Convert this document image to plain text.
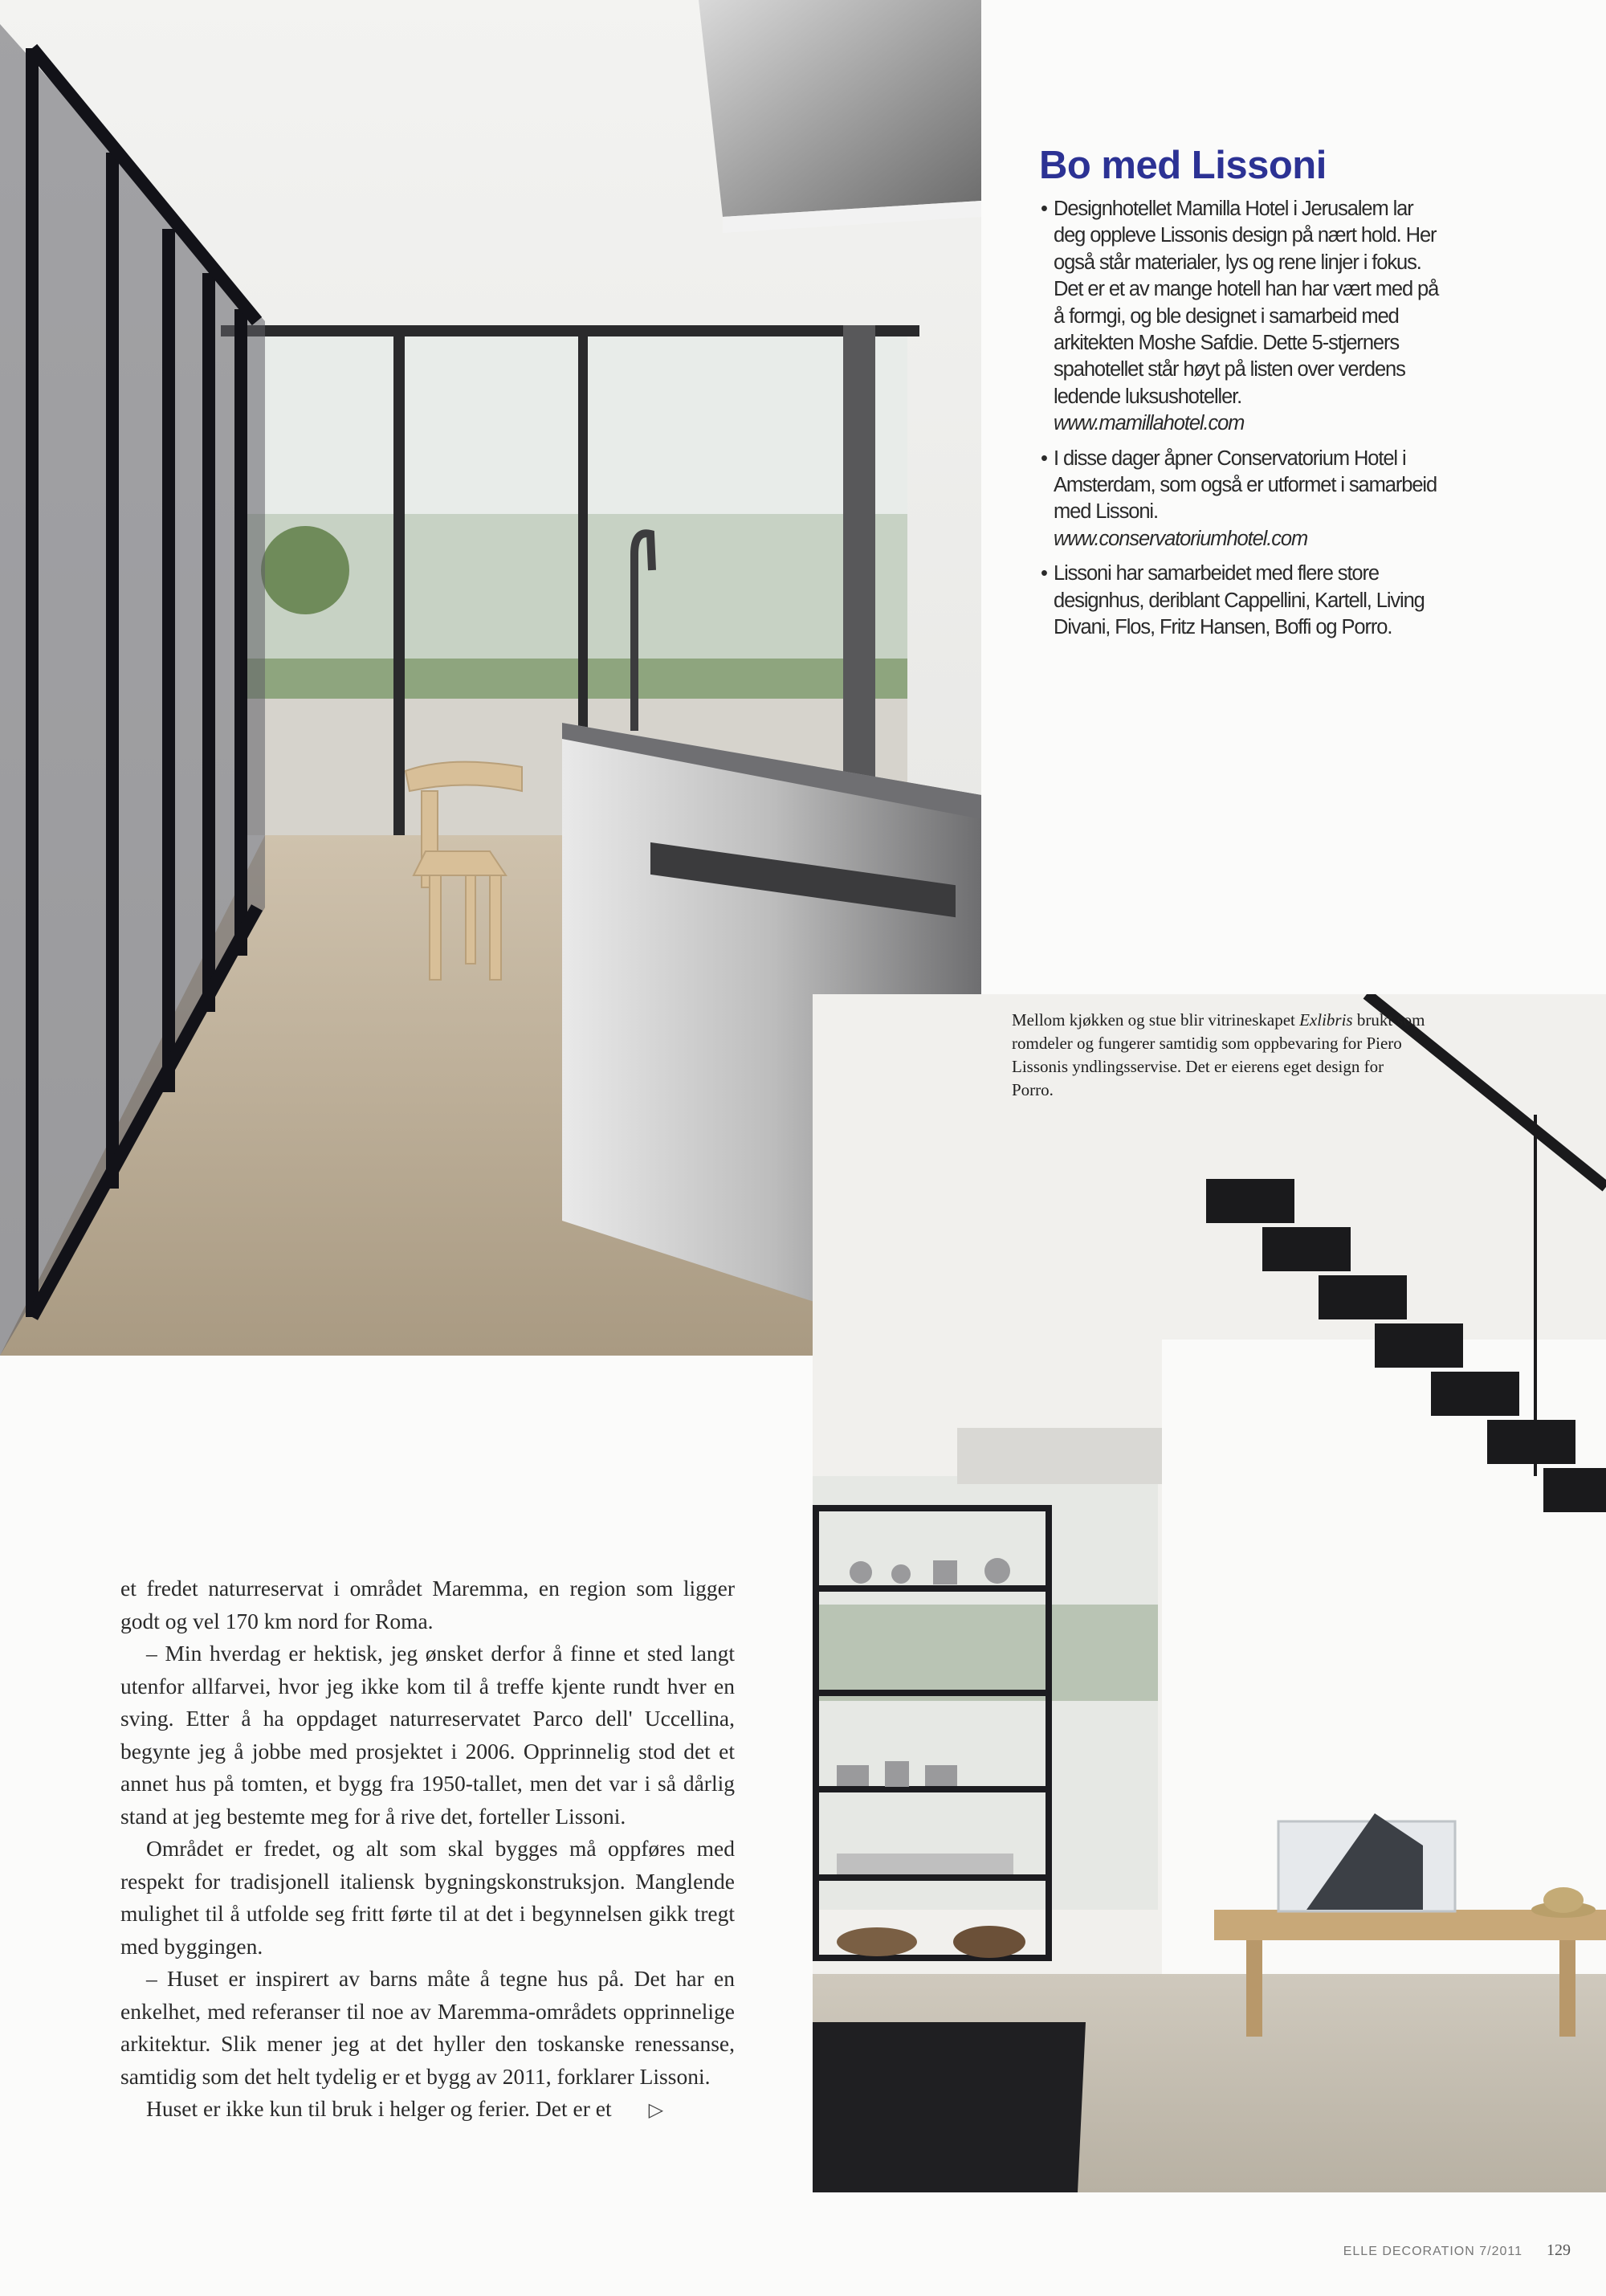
Bo med Lissoni
• Designhotellet Mamilla Hotel i Jerusalem lar deg oppleve Lissonis design på nært hold. Her også står materialer, lys og rene linjer i fokus. Det er et av mange hotell han har vært med på å formgi, og ble designet i samarbeid med arkitekten Moshe Safdie. Dette 5-stjerners spahotellet står høyt på listen over verdens ledende luksushoteller.
www.mamillahotel.com
• I disse dager åpner Conservatorium Hotel i Amsterdam, som også er utformet i samarbeid med Lissoni.
www.conservatoriumhotel.com
• Lissoni har samarbeidet med flere store designhus, deriblant Cappellini, Kartell, Living Divani, Flos, Fritz Hansen, Boffi og Porro.
Mellom kjøkken og stue blir vitrineskapet Exlibris brukt som romdeler og fungerer samtidig som oppbevaring for Piero Lissonis yndlingsservise. Det er eierens eget design for Porro.

et fredet naturreservat i området Maremma, en region som ligger godt og vel 170 km nord for Roma.

– Min hverdag er hektisk, jeg ønsket derfor å finne et sted langt utenfor allfarvei, hvor jeg ikke kom til å treffe kjente rundt hver en sving. Etter å ha oppdaget naturreservatet Parco dell' Uccellina, begynte jeg å jobbe med prosjektet i 2006. Opprinnelig stod det et annet hus på tomten, et bygg fra 1950-tallet, men det var i så dårlig stand at jeg bestemte meg for å rive det, forteller Lissoni.

Området er fredet, og alt som skal bygges må oppføres med respekt for tradisjonell italiensk bygningskonstruksjon. Manglende mulighet til å utfolde seg fritt førte til at det i begynnelsen gikk tregt med byggingen.

– Huset er inspirert av barns måte å tegne hus på. Det har en enkelhet, med referanser til noe av Maremma-områdets opprinnelige arkitektur. Slik mener jeg at det hyller den toskanske renessanse, samtidig som det helt tydelig er et bygg av 2011, forklarer Lissoni.

Huset er ikke kun til bruk i helger og ferier. Det er et ▷

ELLE DECORATION 7/2011 129
